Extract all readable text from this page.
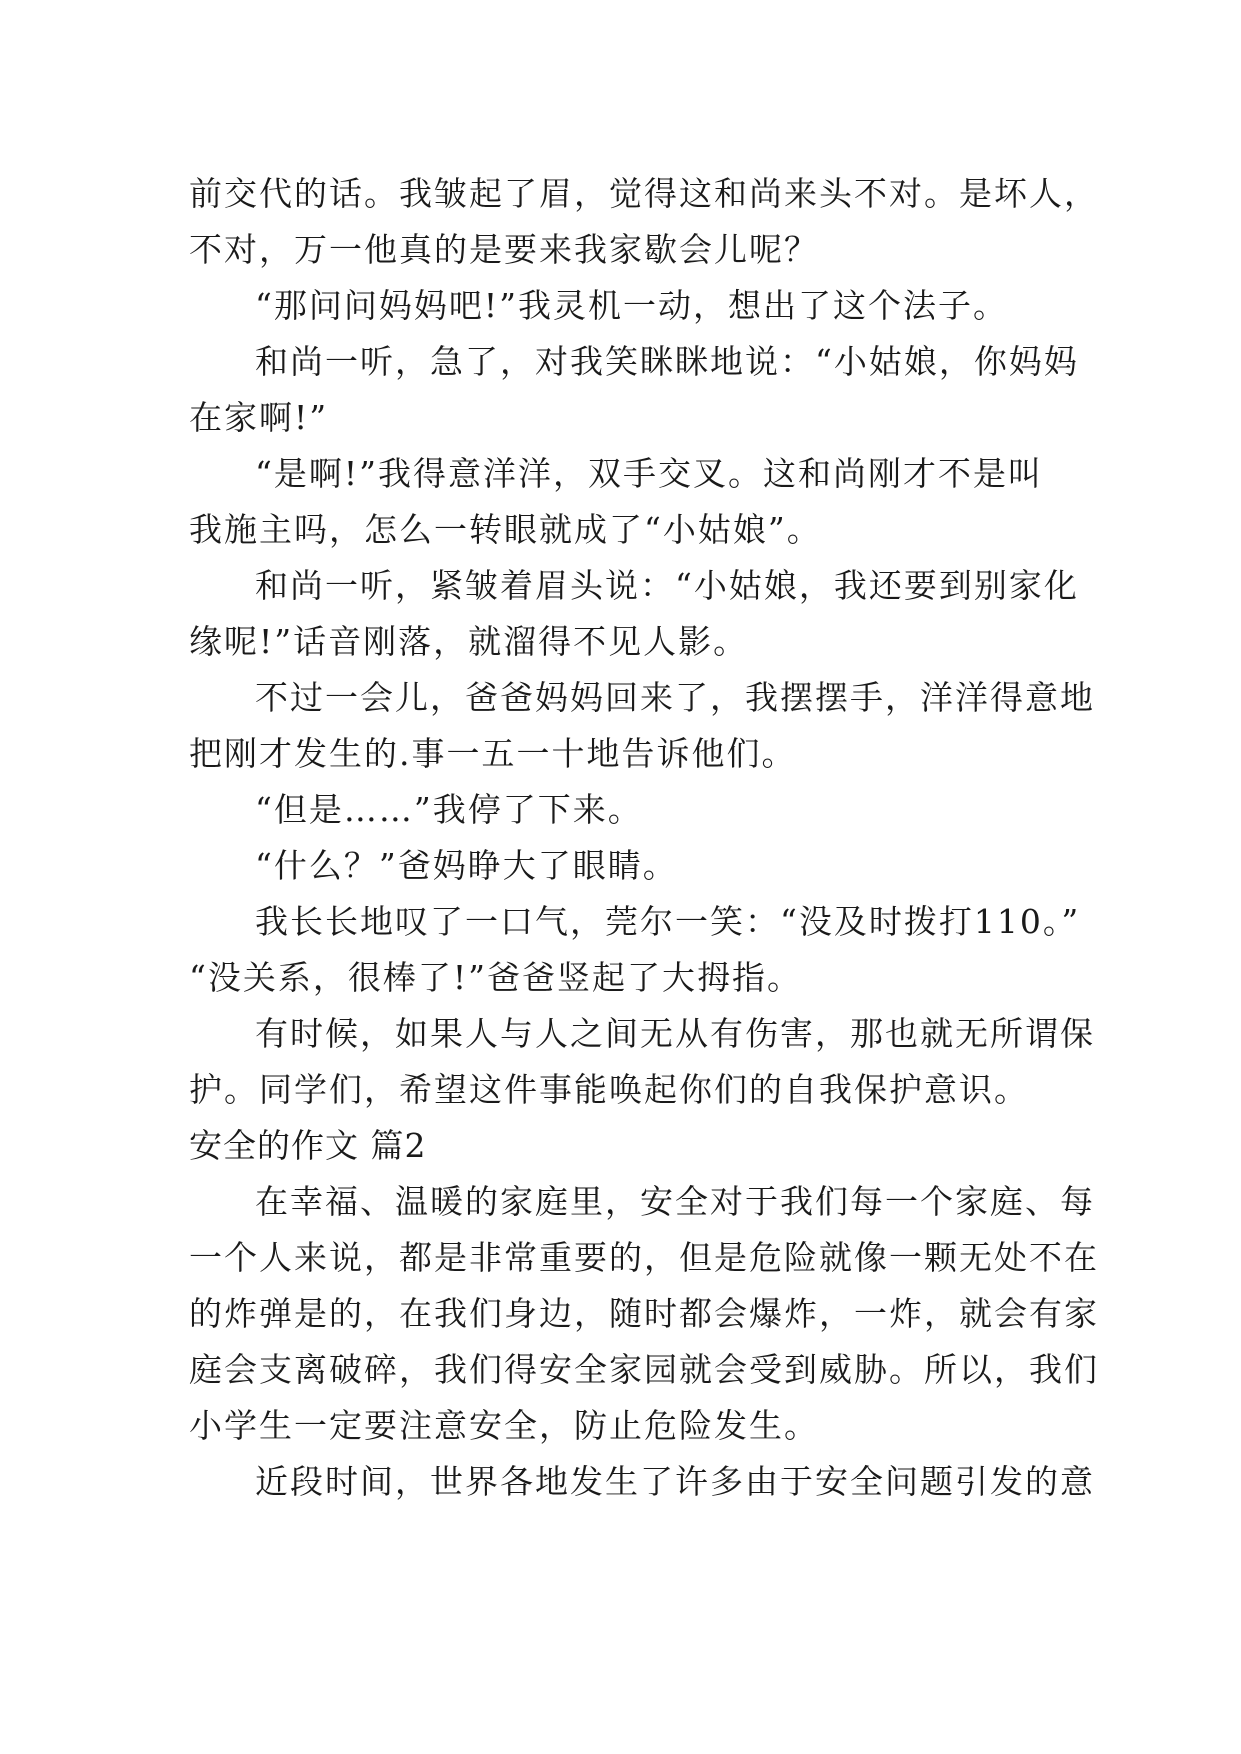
前交代的话。我皱起了眉，觉得这和尚来头不对。是坏人，
不对，万一他真的是要来我家歇会儿呢？
“那问问妈妈吧!”我灵机一动，想出了这个法子。
和尚一听，急了，对我笑眯眯地说：“小姑娘，你妈妈
在家啊!”
“是啊!”我得意洋洋，双手交叉。这和尚刚才不是叫
我施主吗，怎么一转眼就成了“小姑娘”。
和尚一听，紧皱着眉头说：“小姑娘，我还要到别家化
缘呢!”话音刚落，就溜得不见人影。
不过一会儿，爸爸妈妈回来了，我摆摆手，洋洋得意地
把刚才发生的.事一五一十地告诉他们。
“但是……”我停了下来。
“什么？”爸妈睁大了眼睛。
我长长地叹了一口气，莞尔一笑：“没及时拨打110。”
“没关系，很棒了!”爸爸竖起了大拇指。
有时候，如果人与人之间无从有伤害，那也就无所谓保
护。同学们，希望这件事能唤起你们的自我保护意识。
安全的作文 篇2
在幸福、温暖的家庭里，安全对于我们每一个家庭、每
一个人来说，都是非常重要的，但是危险就像一颗无处不在
的炸弹是的，在我们身边，随时都会爆炸，一炸，就会有家
庭会支离破碎，我们得安全家园就会受到威胁。所以，我们
小学生一定要注意安全，防止危险发生。
近段时间，世界各地发生了许多由于安全问题引发的意
